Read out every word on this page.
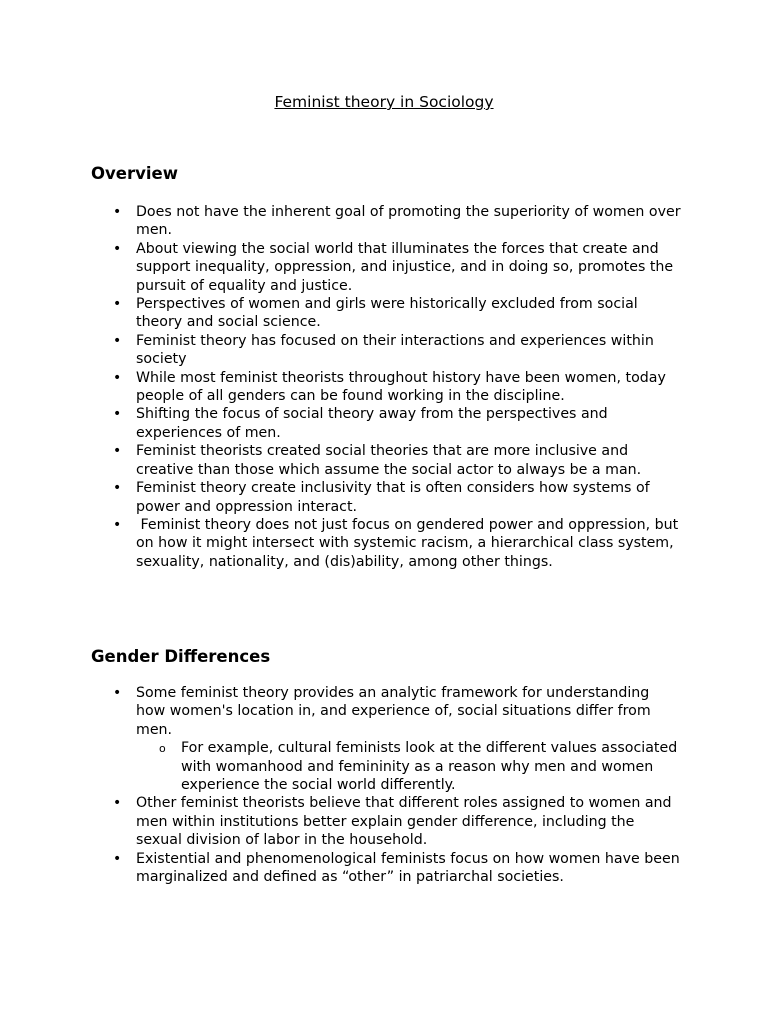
Feminist theory in Sociology
Overview
• Does not have the inherent goal of promoting the superiority of women over men.
• About viewing the social world that illuminates the forces that create and support inequality, oppression, and injustice, and in doing so, promotes the pursuit of equality and justice.
• Perspectives of women and girls were historically excluded from social theory and social science.
• Feminist theory has focused on their interactions and experiences within society
• While most feminist theorists throughout history have been women, today people of all genders can be found working in the discipline.
• Shifting the focus of social theory away from the perspectives and experiences of men.
• Feminist theorists created social theories that are more inclusive and creative than those which assume the social actor to always be a man.
• Feminist theory create inclusivity that is often considers how systems of power and oppression interact.
• Feminist theory does not just focus on gendered power and oppression, but on how it might intersect with systemic racism, a hierarchical class system, sexuality, nationality, and (dis)ability, among other things.
Gender Differences
• Some feminist theory provides an analytic framework for understanding how women's location in, and experience of, social situations differ from men.
o For example, cultural feminists look at the different values associated with womanhood and femininity as a reason why men and women experience the social world differently.
• Other feminist theorists believe that different roles assigned to women and men within institutions better explain gender difference, including the sexual division of labor in the household.
• Existential and phenomenological feminists focus on how women have been marginalized and defined as “other” in patriarchal societies.
